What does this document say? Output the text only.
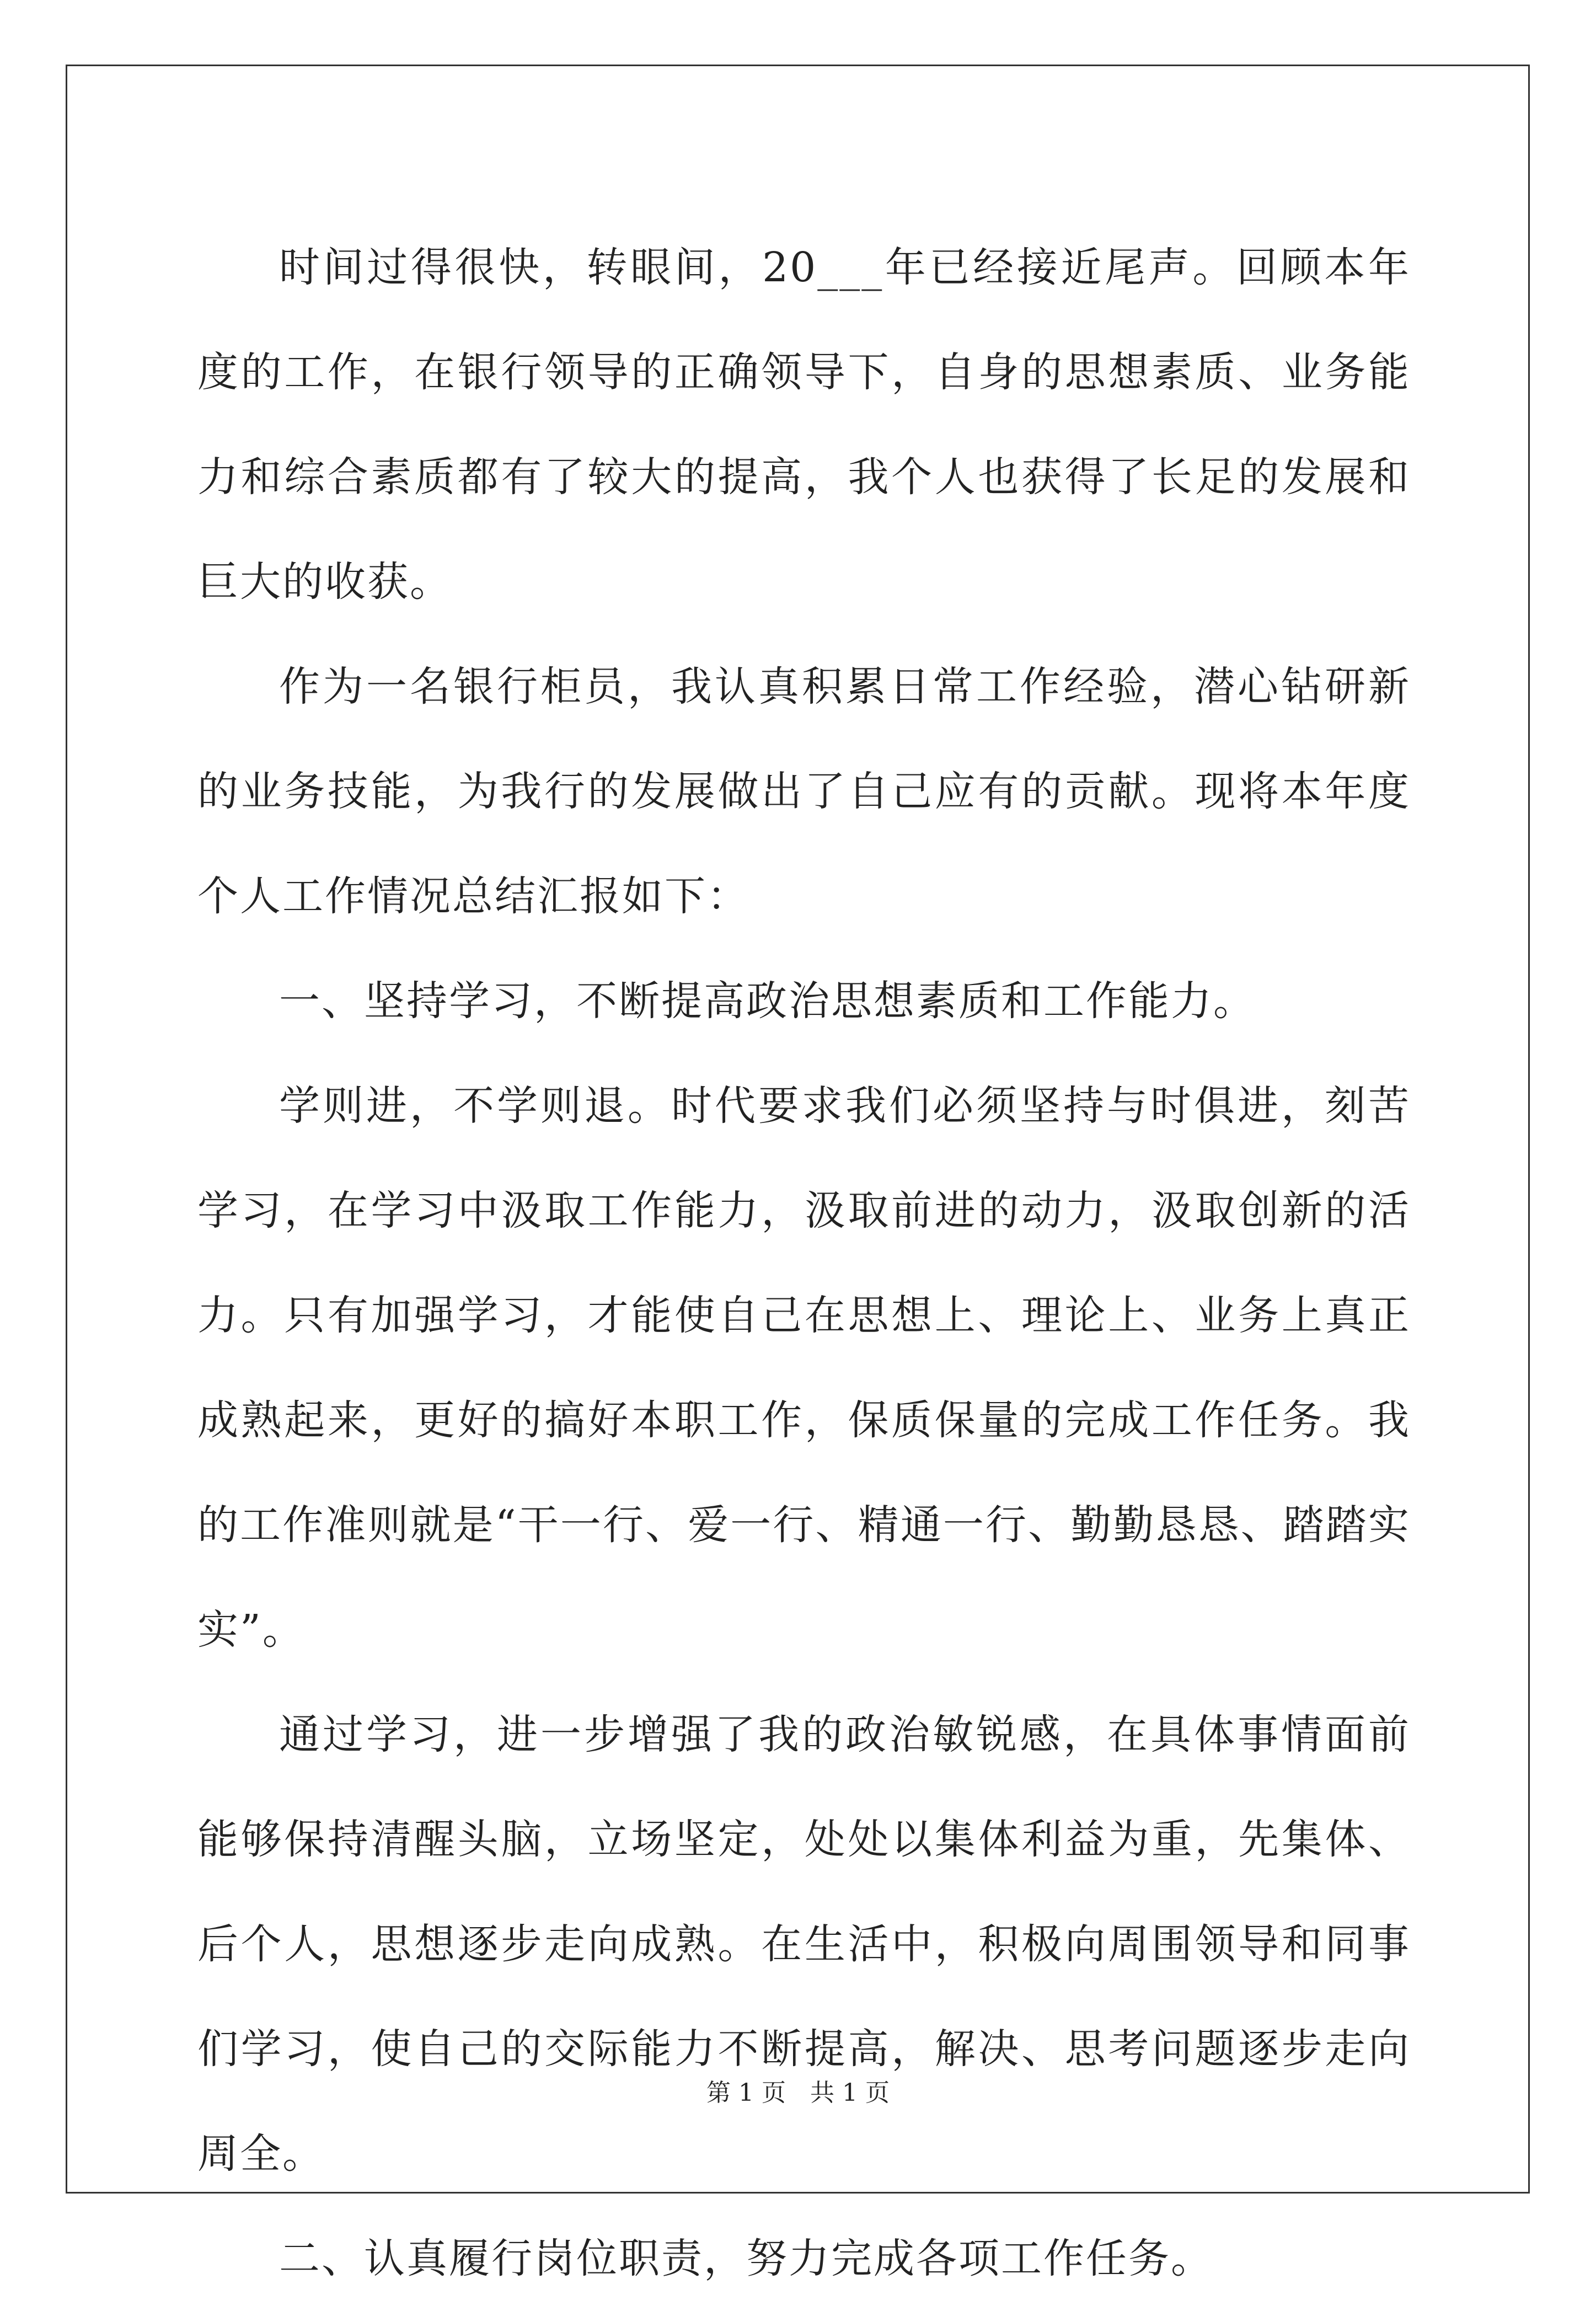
时间过得很快，转眼间，20___年已经接近尾声。回顾本年度的工作，在银行领导的正确领导下，自身的思想素质、业务能力和综合素质都有了较大的提高，我个人也获得了长足的发展和巨大的收获。

作为一名银行柜员，我认真积累日常工作经验，潜心钻研新的业务技能，为我行的发展做出了自己应有的贡献。现将本年度个人工作情况总结汇报如下：

一、坚持学习，不断提高政治思想素质和工作能力。

学则进，不学则退。时代要求我们必须坚持与时俱进，刻苦学习，在学习中汲取工作能力，汲取前进的动力，汲取创新的活力。只有加强学习，才能使自己在思想上、理论上、业务上真正成熟起来，更好的搞好本职工作，保质保量的完成工作任务。我的工作准则就是“干一行、爱一行、精通一行、勤勤恳恳、踏踏实实”。

通过学习，进一步增强了我的政治敏锐感，在具体事情面前能够保持清醒头脑，立场坚定，处处以集体利益为重，先集体、后个人，思想逐步走向成熟。在生活中，积极向周围领导和同事们学习，使自己的交际能力不断提高，解决、思考问题逐步走向周全。

二、认真履行岗位职责，努力完成各项工作任务。

第 1 页　共 1 页
